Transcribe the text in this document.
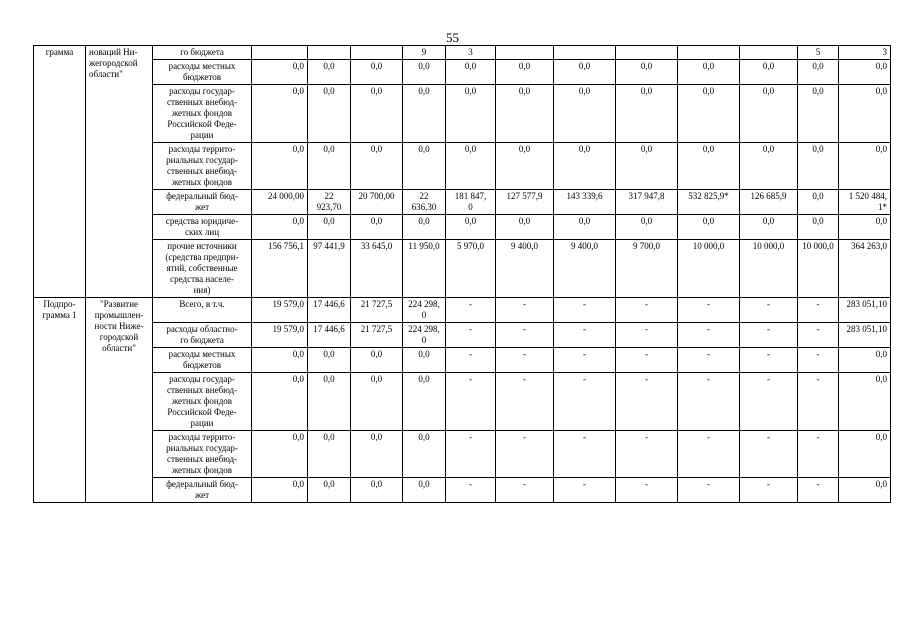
55
грамма	новаций Ни-
жегородской
области"	го бюджета				9	3						5	3
		расходы местных
бюджетов	0,0	0,0	0,0	0,0	0,0	0,0	0,0	0,0	0,0	0,0	0,0	0,0
		расходы государ-
ственных внебюд-
жетных фондов
Российской Феде-
рации	0,0	0,0	0,0	0,0	0,0	0,0	0,0	0,0	0,0	0,0	0,0	0,0
		расходы террито-
риальных государ-
ственных внебюд-
жетных фондов	0,0	0,0	0,0	0,0	0,0	0,0	0,0	0,0	0,0	0,0	0,0	0,0
		федеральный бюд-
жет	24 000,00	22
923,70	20 700,00	22
636,30	181 847,
0	127 577,9	143 339,6	317 947,8	532 825,9*	126 685,9	0,0	1 520 484,
1*
		средства юридиче-
ских лиц	0,0	0,0	0,0	0,0	0,0	0,0	0,0	0,0	0,0	0,0	0,0	0,0
		прочие источники
(средства предпри-
ятий, собственные
средства населе-
ния)	156 756,1	97 441,9	33 645,0	11 950,0	5 970,0	9 400,0	9 400,0	9 700,0	10 000,0	10 000,0	10 000,0	364 263,0
Подпро-
грамма 1	"Развитие
промышлен-
ности Ниже-
городской
области"	Всего, в т.ч.	19 579,0	17 446,6	21 727,5	224 298,
0	-	-	-	-	-	-	-	283 051,10
		расходы областно-
го бюджета	19 579,0	17 446,6	21 727,5	224 298,
0	-	-	-	-	-	-	-	283 051,10
		расходы местных
бюджетов	0,0	0,0	0,0	0,0	-	-	-	-	-	-	-	0,0
		расходы государ-
ственных внебюд-
жетных фондов
Российской Феде-
рации	0,0	0,0	0,0	0,0	-	-	-	-	-	-	-	0,0
		расходы террито-
риальных государ-
ственных внебюд-
жетных фондов	0,0	0,0	0,0	0,0	-	-	-	-	-	-	-	0,0
		федеральный бюд-
жет	0,0	0,0	0,0	0,0	-	-	-	-	-	-	-	0,0
